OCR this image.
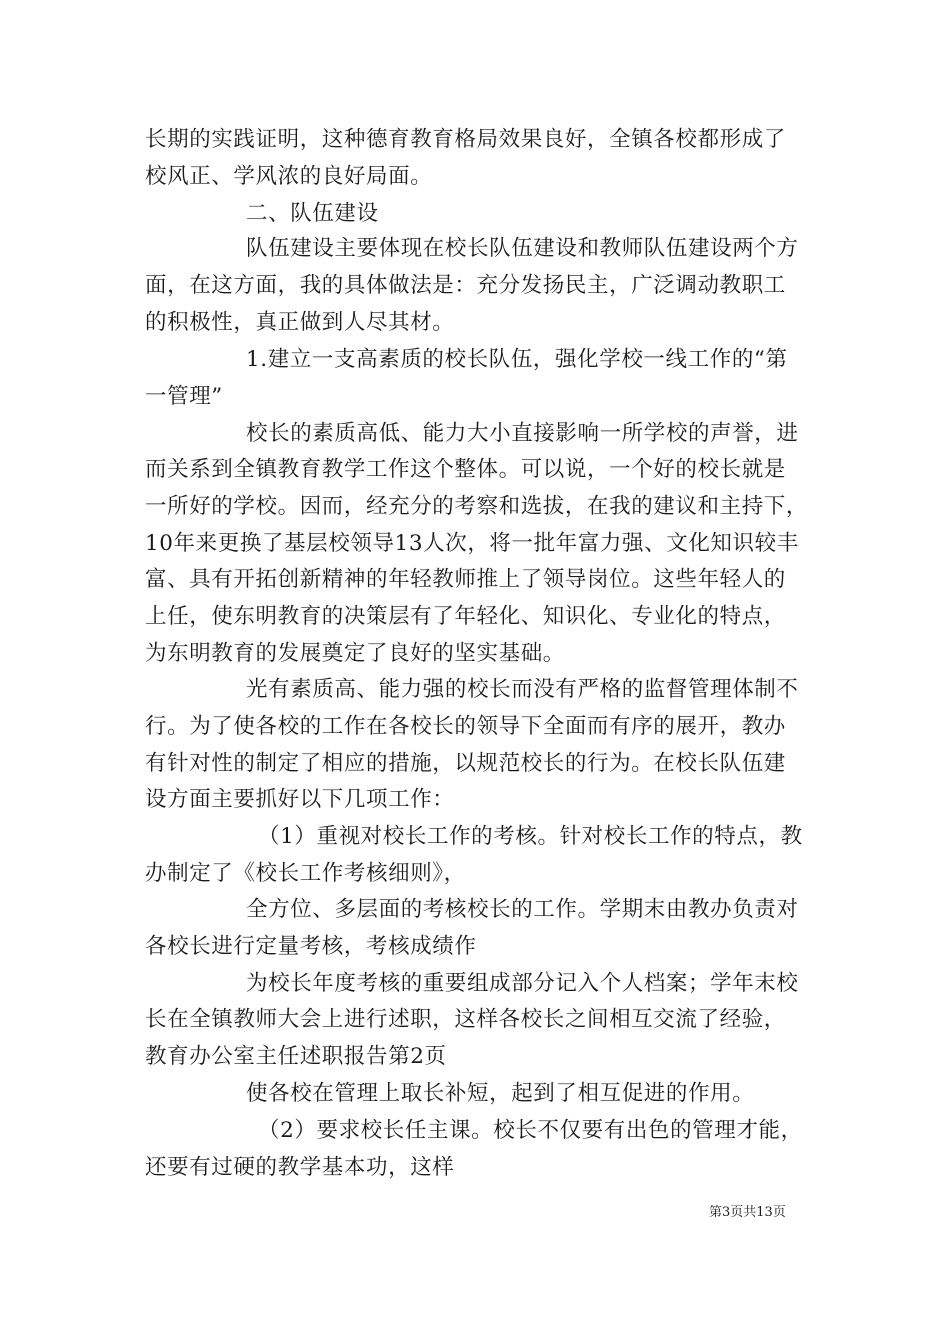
长期的实践证明，这种德育教育格局效果良好，全镇各校都形成了

校风正、学风浓的良好局面。

二、队伍建设

队伍建设主要体现在校长队伍建设和教师队伍建设两个方

面，在这方面，我的具体做法是：充分发扬民主，广泛调动教职工

的积极性，真正做到人尽其材。

1.建立一支高素质的校长队伍，强化学校一线工作的“第

一管理”

校长的素质高低、能力大小直接影响一所学校的声誉，进

而关系到全镇教育教学工作这个整体。可以说，一个好的校长就是

一所好的学校。因而，经充分的考察和选拔，在我的建议和主持下，

10年来更换了基层校领导13人次，将一批年富力强、文化知识较丰

富、具有开拓创新精神的年轻教师推上了领导岗位。这些年轻人的

上任，使东明教育的决策层有了年轻化、知识化、专业化的特点，

为东明教育的发展奠定了良好的坚实基础。

光有素质高、能力强的校长而没有严格的监督管理体制不

行。为了使各校的工作在各校长的领导下全面而有序的展开，教办

有针对性的制定了相应的措施，以规范校长的行为。在校长队伍建

设方面主要抓好以下几项工作：

（1）重视对校长工作的考核。针对校长工作的特点，教

办制定了《校长工作考核细则》，

全方位、多层面的考核校长的工作。学期末由教办负责对

各校长进行定量考核，考核成绩作

为校长年度考核的重要组成部分记入个人档案；学年末校

长在全镇教师大会上进行述职，这样各校长之间相互交流了经验，

教育办公室主任述职报告第2页

使各校在管理上取长补短，起到了相互促进的作用。

（2）要求校长任主课。校长不仅要有出色的管理才能，

还要有过硬的教学基本功，这样

第3页共13页
